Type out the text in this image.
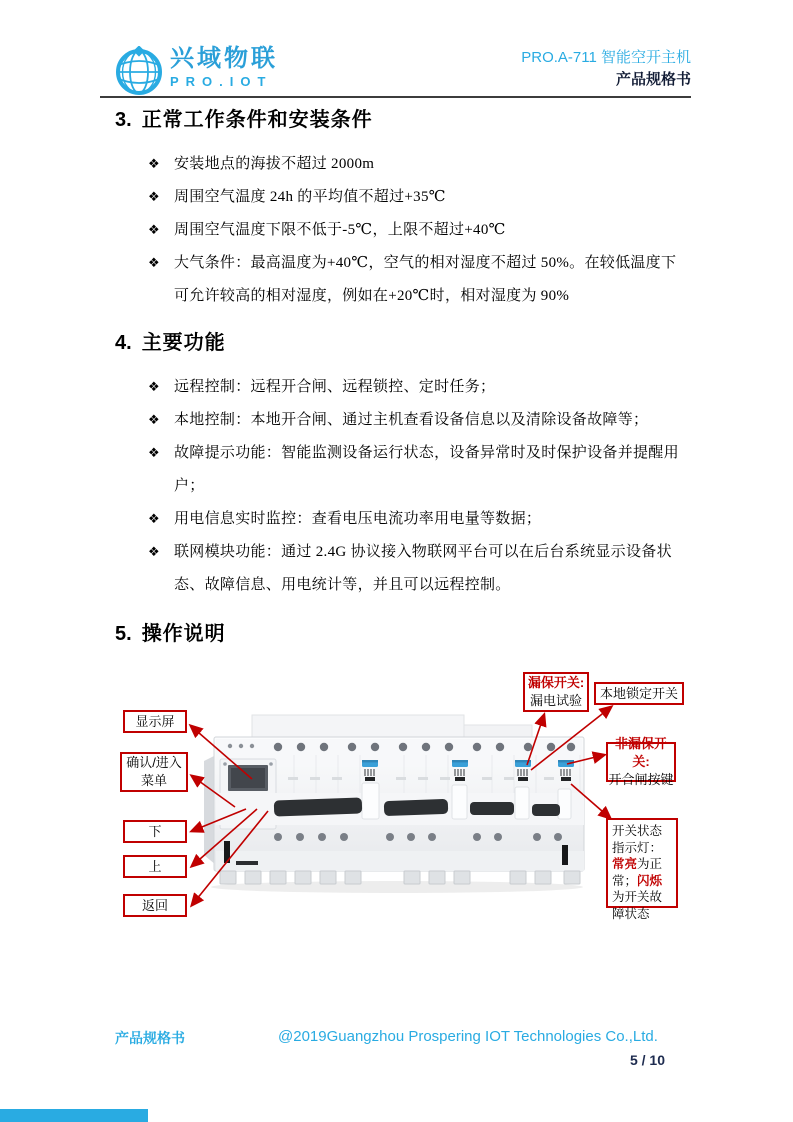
兴域物联
PRO.IOT
PRO.A-711 智能空开主机
产品规格书
3. 正常工作条件和安装条件
❖ 安装地点的海拔不超过 2000m
❖ 周围空气温度 24h 的平均值不超过+35℃
❖ 周围空气温度下限不低于-5℃，上限不超过+40℃
❖ 大气条件：最高温度为+40℃，空气的相对湿度不超过 50%。在较低温度下可允许较高的相对湿度，例如在+20℃时，相对湿度为 90%
4. 主要功能
❖ 远程控制：远程开合闸、远程锁控、定时任务；
❖ 本地控制：本地开合闸、通过主机查看设备信息以及清除设备故障等；
❖ 故障提示功能：智能监测设备运行状态，设备异常时及时保护设备并提醒用户；
❖ 用电信息实时监控：查看电压电流功率用电量等数据；
❖ 联网模块功能：通过 2.4G 协议接入物联网平台可以在后台系统显示设备状态、故障信息、用电统计等，并且可以远程控制。
5. 操作说明
显示屏
确认/进入
菜单
下
上
返回
漏保开关:
漏电试验 本地锁定开关
非漏保开关:
开合闸按键
开关状态指示灯：常亮为正常；闪烁为开关故障状态
产品规格书	@2019Guangzhou Prospering IOT Technologies Co.,Ltd.
5 / 10
